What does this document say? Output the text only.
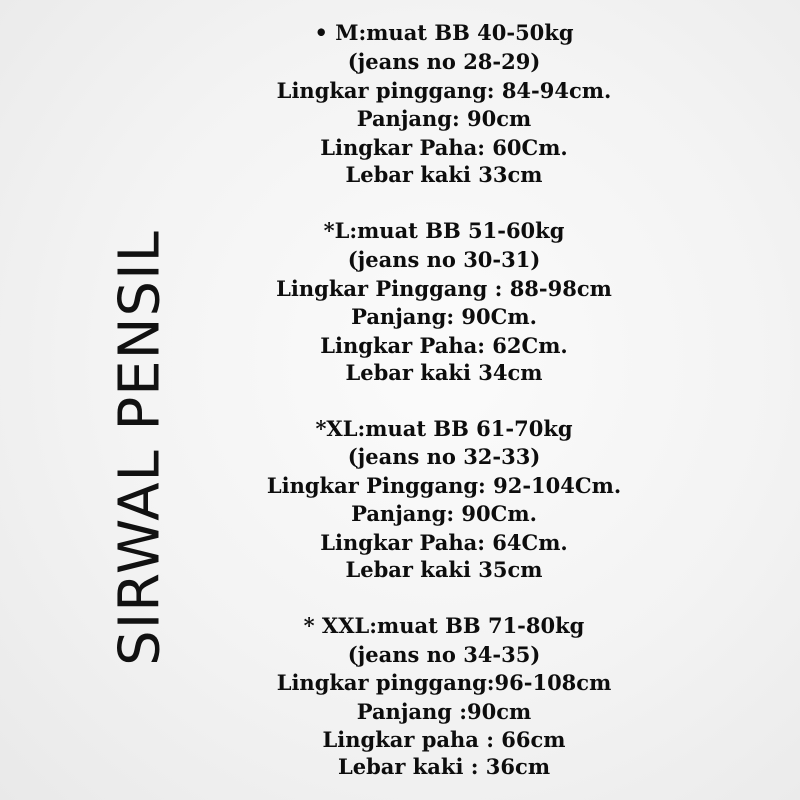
SIRWAL PENSIL
• M:muat BB 40-50kg
(jeans no 28-29)
Lingkar pinggang: 84-94cm.
Panjang: 90cm
Lingkar Paha: 60Cm.
Lebar kaki 33cm
*L:muat BB 51-60kg
(jeans no 30-31)
Lingkar Pinggang : 88-98cm
Panjang: 90Cm.
Lingkar Paha: 62Cm.
Lebar kaki 34cm
*XL:muat BB 61-70kg
(jeans no 32-33)
Lingkar Pinggang: 92-104Cm.
Panjang: 90Cm.
Lingkar Paha: 64Cm.
Lebar kaki 35cm
* XXL:muat BB 71-80kg
(jeans no 34-35)
Lingkar pinggang:96-108cm
Panjang :90cm
Lingkar paha : 66cm
Lebar kaki : 36cm
